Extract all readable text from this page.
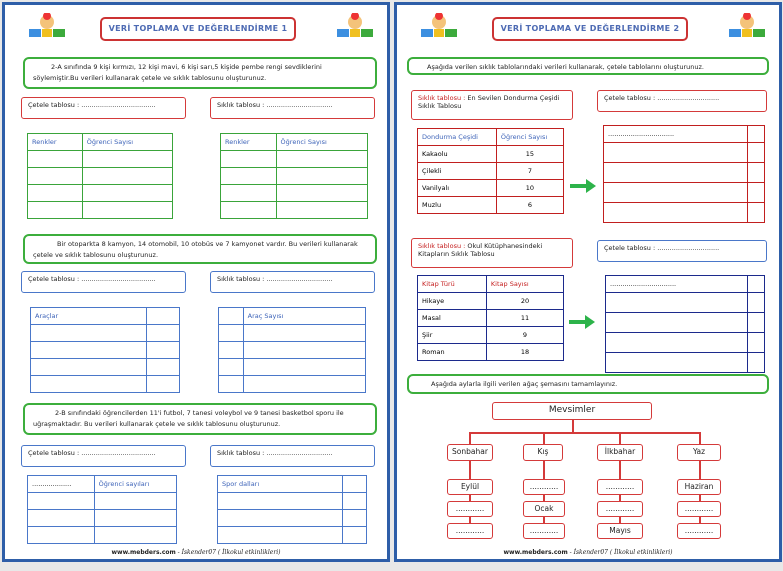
VERİ TOPLAMA VE DEĞERLENDİRME 1
2-A sınıfında 9 kişi kırmızı, 12 kişi mavi, 6 kişi sarı,5 kişide pembe rengi sevdiklerini söylemiştir.Bu verileri kullanarak çetele ve sıklık tablosunu oluşturunuz.
Çetele tablosu : ....................................	Sıklık tablosu : ................................
Renkler	Öğrenci Sayısı

		Renkler	Öğrenci Sayısı

Bir otoparkta 8 kamyon, 14 otomobil, 10 otobüs ve 7 kamyonet vardır. Bu verileri kullanarak çetele ve sıklık tablosunu oluşturunuz.
Çetele tablosu : ....................................	Sıklık tablosu : ................................
Araçlar	

		Araç Sayısı

2-B sınıfındaki öğrencilerden 11'i futbol, 7 tanesi voleybol ve 9 tanesi basketbol sporu ile uğraşmaktadır. Bu verileri kullanarak çetele ve sıklık tablosunu oluşturunuz.
Çetele tablosu : ....................................	Sıklık tablosu : ................................
...................	Öğrenci sayıları

		Spor dalları	

www.mebders.com - İskender07 ( İlkokul etkinlikleri)
VERİ TOPLAMA VE DEĞERLENDİRME 2
Aşağıda verilen sıklık tablolarındaki verileri kullanarak, çetele tablolarını oluşturunuz.
Sıklık tablosu : En Sevilen Dondurma Çeşidi Sıklık Tablosu
Dondurma Çeşidi	Öğrenci Sayısı
Kakaolu	15
Çilekli	7
Vanilyalı	10
Muzlu	6
Çetele tablosu : ..............................
................................	

Sıklık tablosu : Okul Kütüphanesindeki Kitapların Sıklık Tablosu
Kitap Türü	Kitap Sayısı
Hikaye	20
Masal	11
Şiir	9
Roman	18
Çetele tablosu : ..............................
................................	

Aşağıda aylarla ilgili verilen ağaç şemasını tamamlayınız.
Mevsimler
Sonbahar	Kış	İlkbahar	Yaz
Eylül
............
............
............
Ocak
............
............
............
Mayıs
Haziran
............
............
www.mebders.com - İskender07 ( İlkokul etkinlikleri)
